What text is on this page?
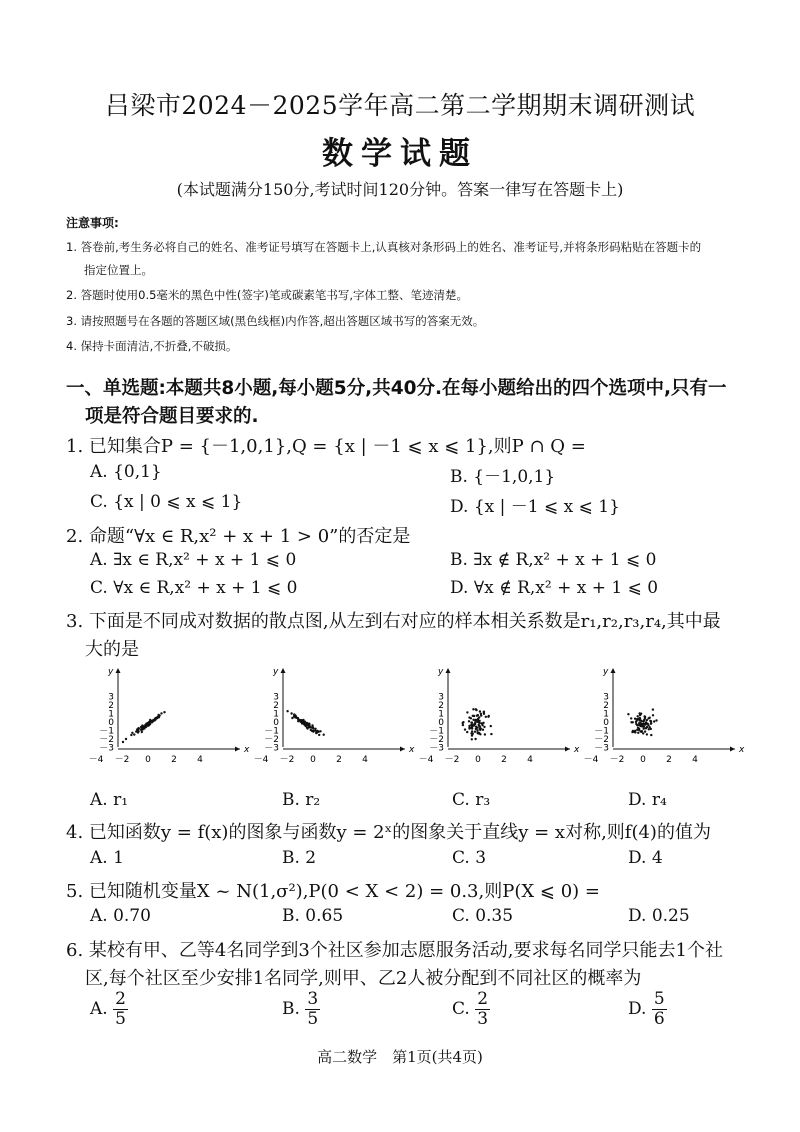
吕梁市2024－2025学年高二第二学期期末调研测试
数学试题
(本试题满分150分,考试时间120分钟。答案一律写在答题卡上)
注意事项:
1. 答卷前,考生务必将自己的姓名、准考证号填写在答题卡上,认真核对条形码上的姓名、准考证号,并将条形码粘贴在答题卡的
指定位置上。
2. 答题时使用0.5毫米的黑色中性(签字)笔或碳素笔书写,字体工整、笔迹清楚。
3. 请按照题号在各题的答题区域(黑色线框)内作答,超出答题区域书写的答案无效。
4. 保持卡面清洁,不折叠,不破损。
一、单选题:本题共8小题,每小题5分,共40分.在每小题给出的四个选项中,只有一
项是符合题目要求的.
1. 已知集合P = {－1,0,1},Q = {x | －1 ⩽ x ⩽ 1},则P ∩ Q =
A. {0,1}	B. {－1,0,1}
C. {x | 0 ⩽ x ⩽ 1}	D. {x | －1 ⩽ x ⩽ 1}
2. 命题“∀x ∈ R,x² + x + 1 > 0”的否定是
A. ∃x ∈ R,x² + x + 1 ⩽ 0	B. ∃x ∉ R,x² + x + 1 ⩽ 0
C. ∀x ∈ R,x² + x + 1 ⩽ 0	D. ∀x ∉ R,x² + x + 1 ⩽ 0
3. 下面是不同成对数据的散点图,从左到右对应的样本相关系数是r₁,r₂,r₃,r₄,其中最
大的是
y
x
3
2
1
0
－1
－2
－3
－4 －2 0 2 4
y
x
3
2
1
0
－1
－2
－3
－4 －2 0 2 4
y
x
3
2
1
0
－1
－2
－3
－4 －2 0 2 4
y
x
3
2
1
0
－1
－2
－3
－4 －2 0 2 4
A. r₁	B. r₂	C. r₃	D. r₄
4. 已知函数y = f(x)的图象与函数y = 2ˣ的图象关于直线y = x对称,则f(4)的值为
A. 1	B. 2	C. 3	D. 4
5. 已知随机变量X ~ N(1,σ²),P(0 < X < 2) = 0.3,则P(X ⩽ 0) =
A. 0.70	B. 0.65	C. 0.35	D. 0.25
6. 某校有甲、乙等4名同学到3个社区参加志愿服务活动,要求每名同学只能去1个社
区,每个社区至少安排1名同学,则甲、乙2人被分配到不同社区的概率为
A. $\frac{2}{5}$	B. $\frac{3}{5}$	C. $\frac{2}{3}$	D. $\frac{5}{6}$
高二数学　第1页(共4页)
